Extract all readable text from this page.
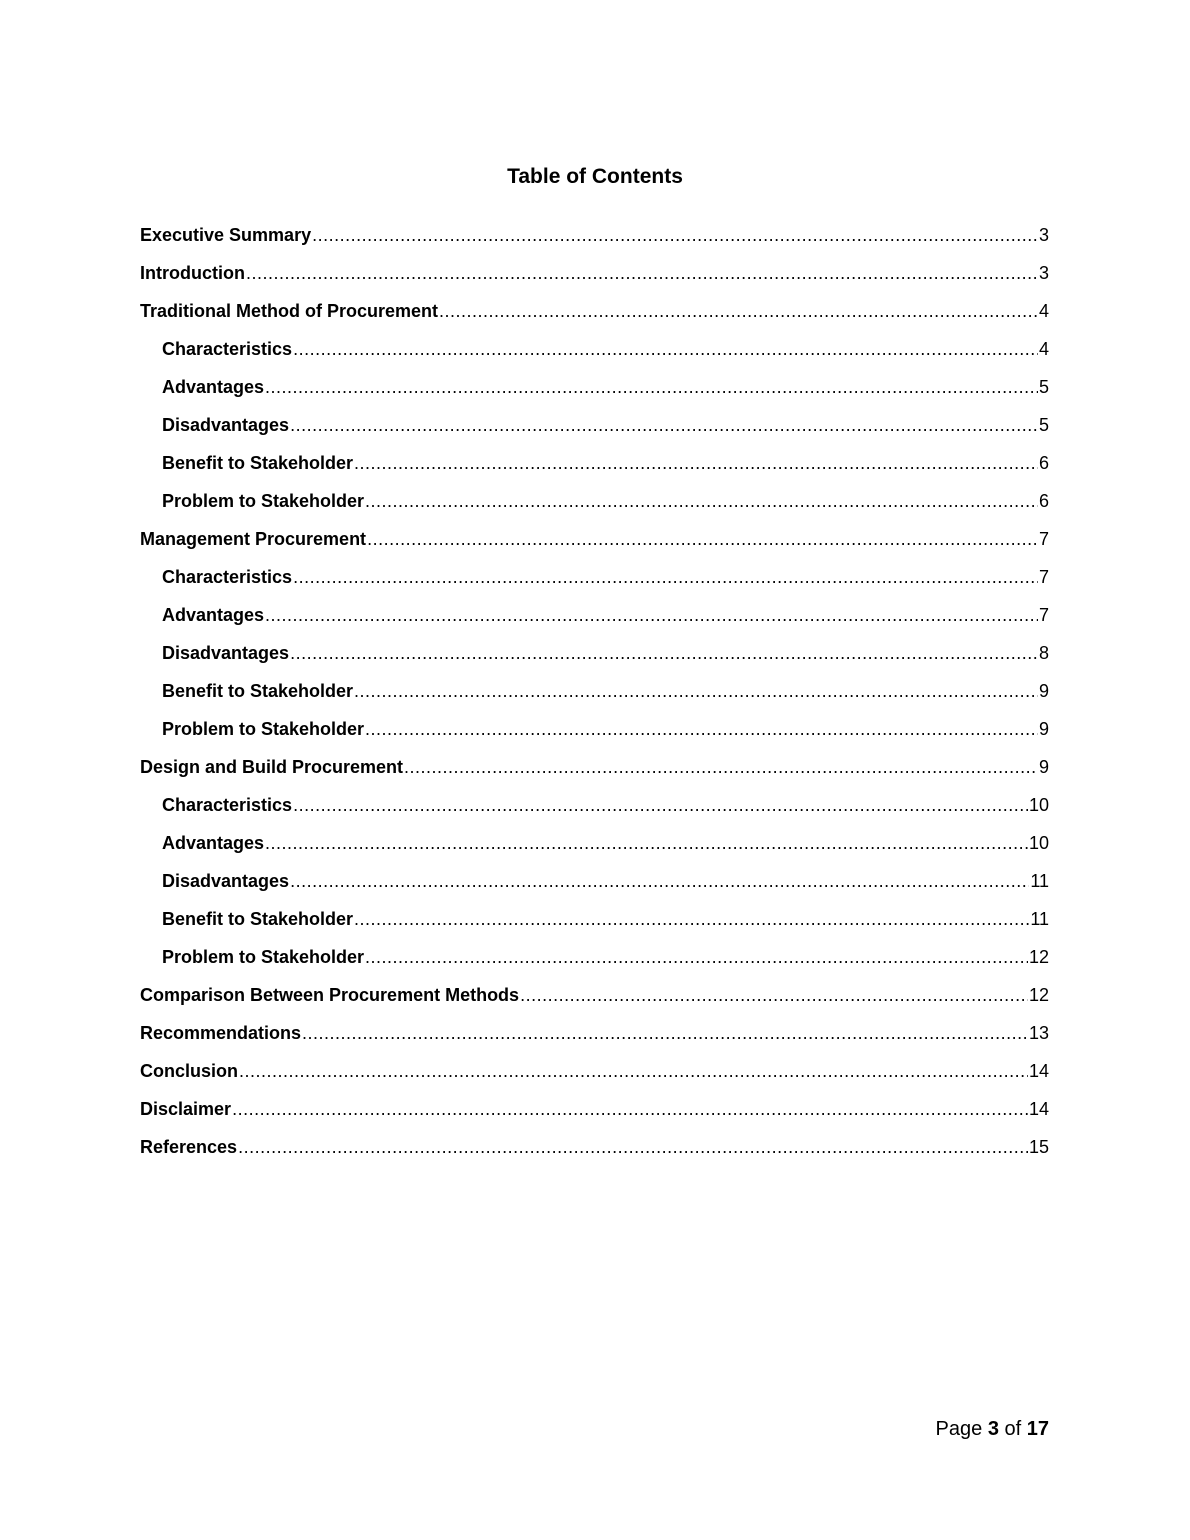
Table of Contents
Executive Summary .....	3
Introduction .....	3
Traditional Method of Procurement .....	4
Characteristics .....	4
Advantages .....	5
Disadvantages .....	5
Benefit to Stakeholder .....	6
Problem to Stakeholder .....	6
Management Procurement .....	7
Characteristics .....	7
Advantages .....	7
Disadvantages .....	8
Benefit to Stakeholder .....	9
Problem to Stakeholder .....	9
Design and Build Procurement .....	9
Characteristics .....	10
Advantages .....	10
Disadvantages .....	11
Benefit to Stakeholder .....	11
Problem to Stakeholder .....	12
Comparison Between Procurement Methods .....	12
Recommendations .....	13
Conclusion .....	14
Disclaimer .....	14
References .....	15
Page 3 of 17
